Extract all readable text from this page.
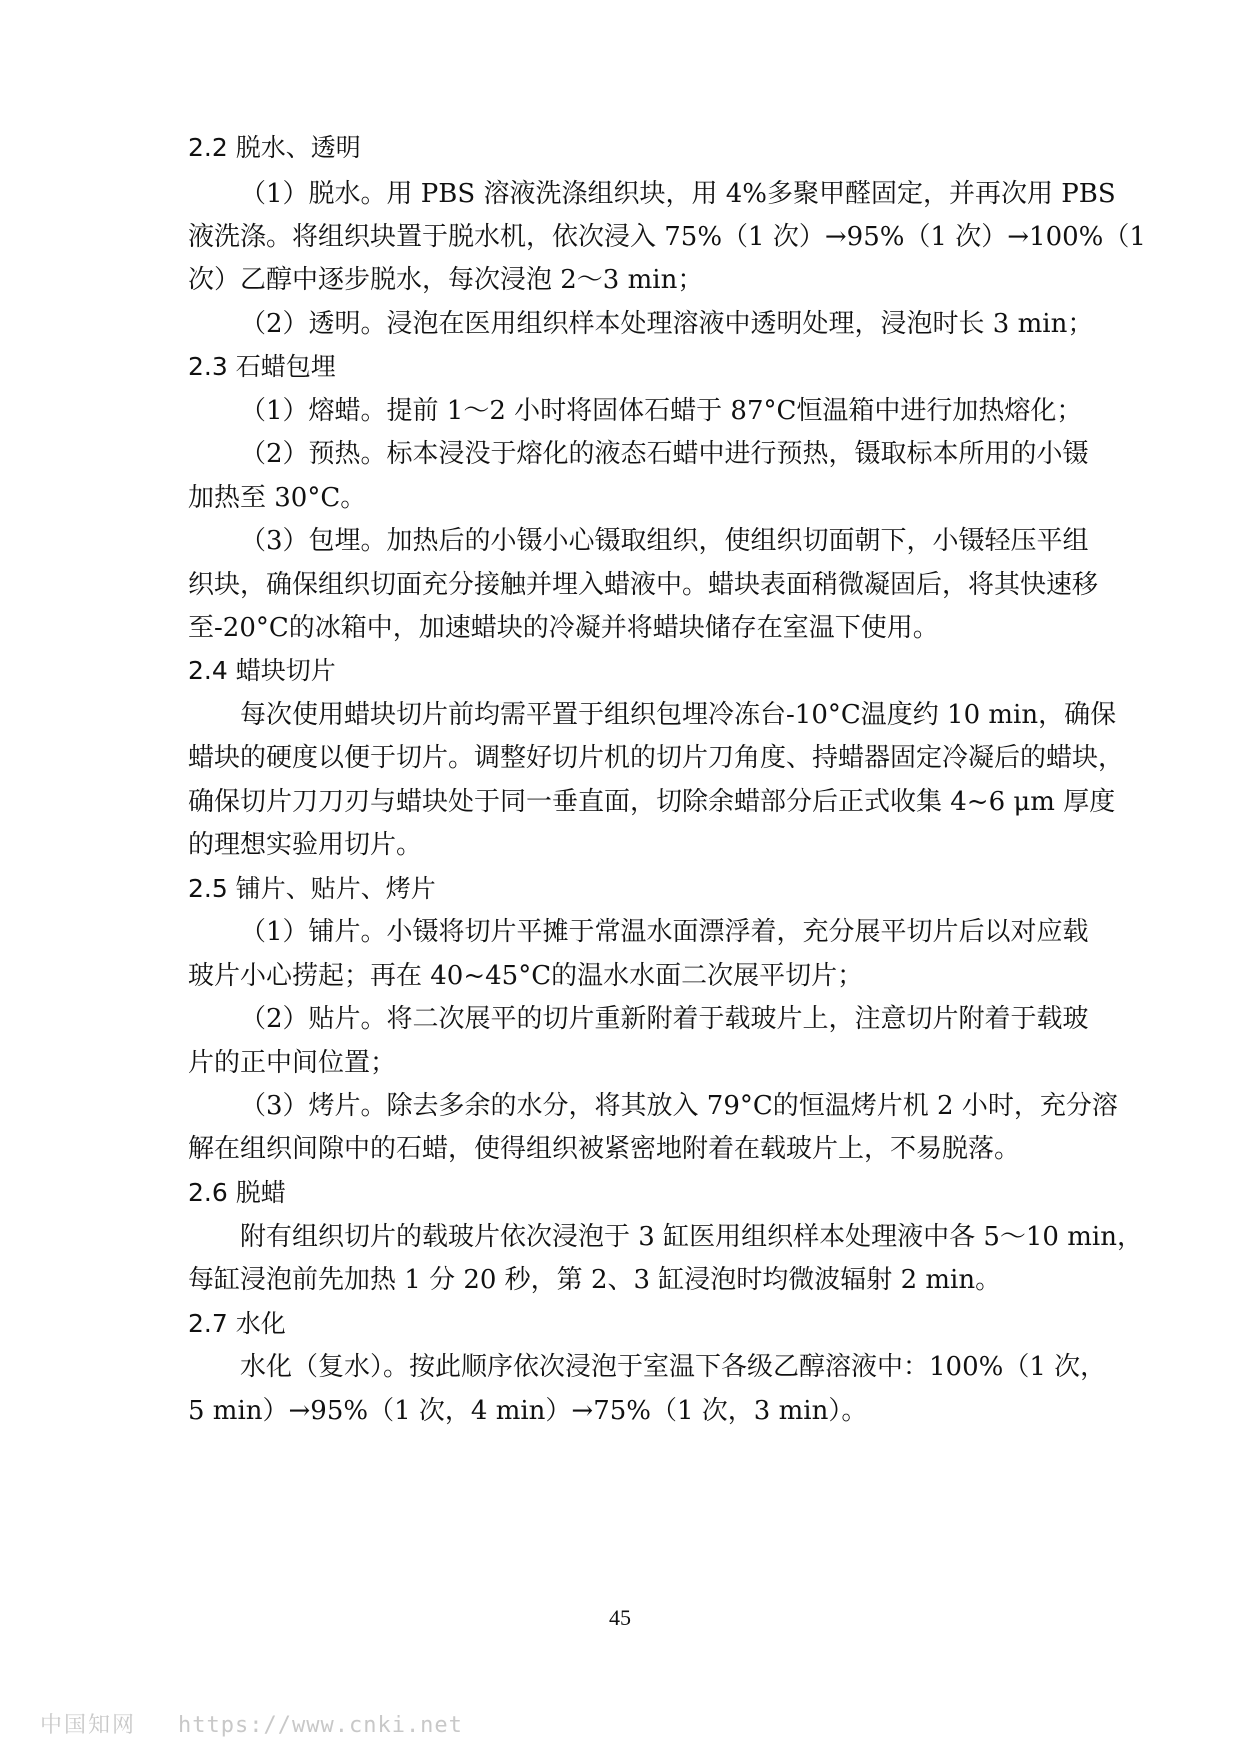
2.2 脱水、透明
（1）脱水。用 PBS 溶液洗涤组织块，用 4%多聚甲醛固定，并再次用 PBS
液洗涤。将组织块置于脱水机，依次浸入 75%（1 次）→95%（1 次）→100%（1
次）乙醇中逐步脱水，每次浸泡 2～3 min；
（2）透明。浸泡在医用组织样本处理溶液中透明处理，浸泡时长 3 min；
2.3 石蜡包埋
（1）熔蜡。提前 1～2 小时将固体石蜡于 87°C恒温箱中进行加热熔化；
（2）预热。标本浸没于熔化的液态石蜡中进行预热，镊取标本所用的小镊
加热至 30°C。
（3）包埋。加热后的小镊小心镊取组织，使组织切面朝下，小镊轻压平组
织块，确保组织切面充分接触并埋入蜡液中。蜡块表面稍微凝固后，将其快速移
至-20°C的冰箱中，加速蜡块的冷凝并将蜡块储存在室温下使用。
2.4 蜡块切片
每次使用蜡块切片前均需平置于组织包埋冷冻台-10°C温度约 10 min，确保
蜡块的硬度以便于切片。调整好切片机的切片刀角度、持蜡器固定冷凝后的蜡块，
确保切片刀刀刃与蜡块处于同一垂直面，切除余蜡部分后正式收集 4~6 μm 厚度
的理想实验用切片。
2.5 铺片、贴片、烤片
（1）铺片。小镊将切片平摊于常温水面漂浮着，充分展平切片后以对应载
玻片小心捞起；再在 40~45°C的温水水面二次展平切片；
（2）贴片。将二次展平的切片重新附着于载玻片上，注意切片附着于载玻
片的正中间位置；
（3）烤片。除去多余的水分，将其放入 79°C的恒温烤片机 2 小时，充分溶
解在组织间隙中的石蜡，使得组织被紧密地附着在载玻片上，不易脱落。
2.6 脱蜡
附有组织切片的载玻片依次浸泡于 3 缸医用组织样本处理液中各 5～10 min，
每缸浸泡前先加热 1 分 20 秒，第 2、3 缸浸泡时均微波辐射 2 min。
2.7 水化
水化（复水）。按此顺序依次浸泡于室温下各级乙醇溶液中：100%（1 次，
5 min）→95%（1 次，4 min）→75%（1 次，3 min）。
45
中国知网 https://www.cnki.net
